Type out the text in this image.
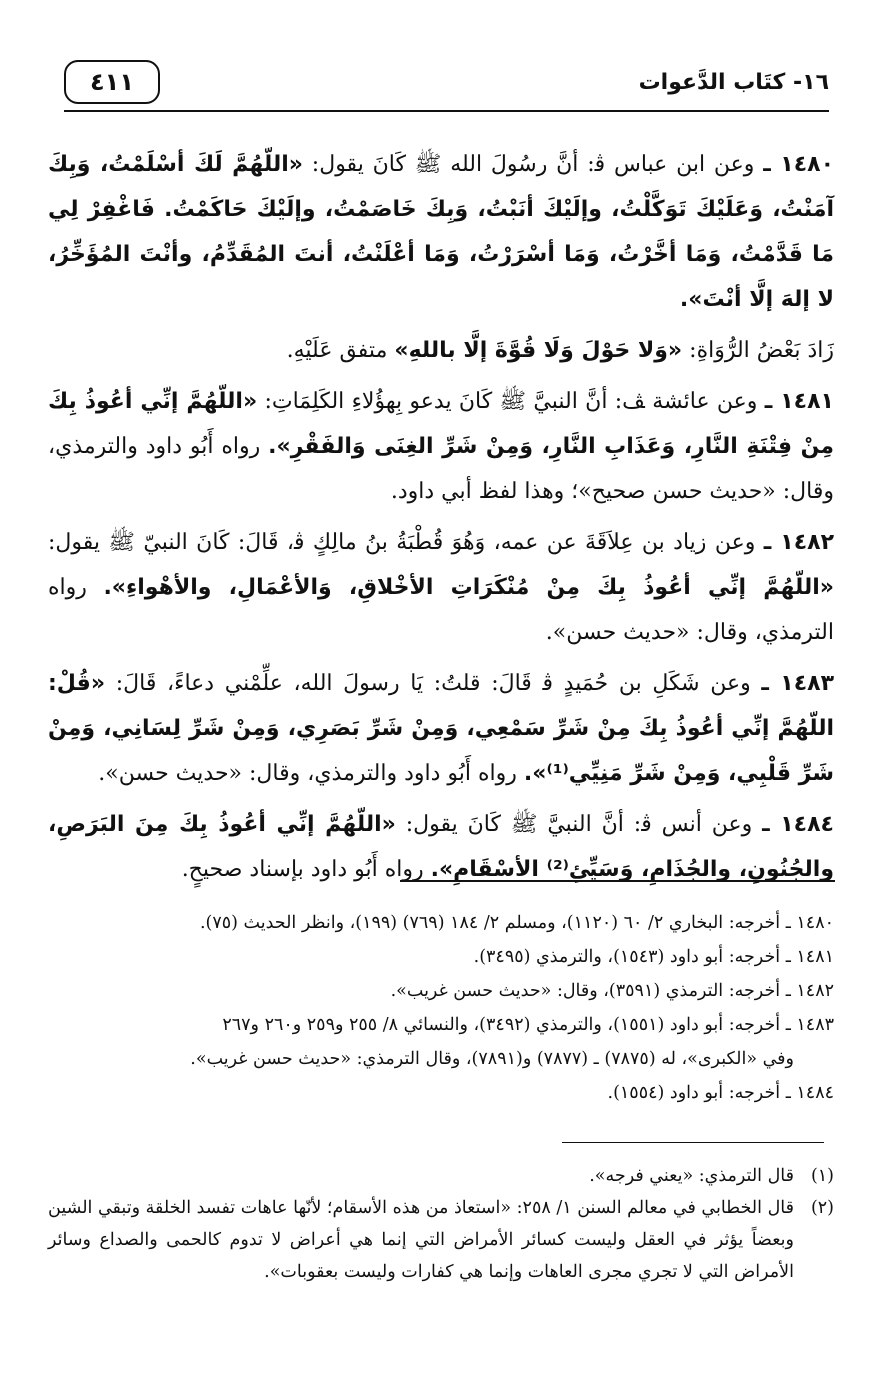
٤١١	١٦- كتَاب الدَّعوات

١٤٨٠ ـ وعن ابن عباس ﭬ: أنَّ رسُولَ الله ﷺ كَانَ يقول: «اللّهُمَّ لَكَ أسْلَمْتُ، وَبِكَ آمَنْتُ، وَعَلَيْكَ تَوَكَّلْتُ، وإلَيْكَ أنَبْتُ، وَبِكَ خَاصَمْتُ، وإلَيْكَ حَاكَمْتُ. فَاغْفِرْ لِي مَا قَدَّمْتُ، وَمَا أخَّرْتُ، وَمَا أسْرَرْتُ، وَمَا أعْلَنْتُ، أنتَ المُقَدِّمُ، وأنْتَ المُؤَخِّرُ، لا إلهَ إلَّا أنْتَ».

زَادَ بَعْضُ الرُّوَاةِ: «وَلا حَوْلَ وَلَا قُوَّةَ إلَّا باللهِ» متفق عَلَيْهِ.

١٤٨١ ـ وعن عائشة ﭫ: أنَّ النبيَّ ﷺ كَانَ يدعو بِهؤُلاءِ الكَلِمَاتِ: «اللّهُمَّ إنِّي أعُوذُ بِكَ مِنْ فِتْنَةِ النَّارِ، وَعَذَابِ النَّارِ، وَمِنْ شَرِّ الغِنَى وَالفَقْرِ». رواه أَبُو داود والترمذي، وقال: «حديث حسن صحيح»؛ وهذا لفظ أبي داود.

١٤٨٢ ـ وعن زياد بن عِلاَقَةَ عن عمه، وَهُوَ قُطْبَةُ بنُ مالِكٍ ﭬ، قَالَ: كَانَ النبيّ ﷺ يقول: «اللّهُمَّ إنِّي أعُوذُ بِكَ مِنْ مُنْكَرَاتِ الأخْلاقِ، وَالأعْمَالِ، والأهْواءِ». رواه الترمذي، وقال: «حديث حسن».

١٤٨٣ ـ وعن شَكَلِ بن حُمَيدٍ ﭬ قَالَ: قلتُ: يَا رسولَ الله، علِّمْني دعاءً، قَالَ: «قُلْ: اللّهُمَّ إنِّي أعُوذُ بِكَ مِنْ شَرِّ سَمْعِي، وَمِنْ شَرِّ بَصَرِي، وَمِنْ شَرِّ لِسَانِي، وَمِنْ شَرِّ قَلْبِي، وَمِنْ شَرِّ مَنِيِّي⁽¹⁾». رواه أَبُو داود والترمذي، وقال: «حديث حسن».

١٤٨٤ ـ وعن أنس ﭬ: أنَّ النبيَّ ﷺ كَانَ يقول: «اللّهُمَّ إنِّي أعُوذُ بِكَ مِنَ البَرَصِ، والجُنُونِ، والجُذَامِ، وَسَيِّئِ⁽²⁾ الأسْقَامِ». رواه أَبُو داود بإسناد صحيحٍ.

١٤٨٠ ـ أخرجه: البخاري ٢/ ٦٠ (١١٢٠)، ومسلم ٢/ ١٨٤ (٧٦٩) (١٩٩)، وانظر الحديث (٧٥).
١٤٨١ ـ أخرجه: أبو داود (١٥٤٣)، والترمذي (٣٤٩٥).
١٤٨٢ ـ أخرجه: الترمذي (٣٥٩١)، وقال: «حديث حسن غريب».
١٤٨٣ ـ أخرجه: أبو داود (١٥٥١)، والترمذي (٣٤٩٢)، والنسائي ٨/ ٢٥٥ و٢٥٩ و٢٦٠ و٢٦٧
وفي «الكبرى»، له (٧٨٧٥) ـ (٧٨٧٧) و(٧٨٩١)، وقال الترمذي: «حديث حسن غريب».
١٤٨٤ ـ أخرجه: أبو داود (١٥٥٤).
(١)
قال الترمذي: «يعني فرجه».
(٢)
قال الخطابي في معالم السنن ١/ ٢٥٨: «استعاذ من هذه الأسقام؛ لأنّها عاهات تفسد الخلقة وتبقي الشين وبعضاً يؤثر في العقل وليست كسائر الأمراض التي إنما هي أعراض لا تدوم كالحمى والصداع وسائر الأمراض التي لا تجري مجرى العاهات وإنما هي كفارات وليست بعقوبات».
